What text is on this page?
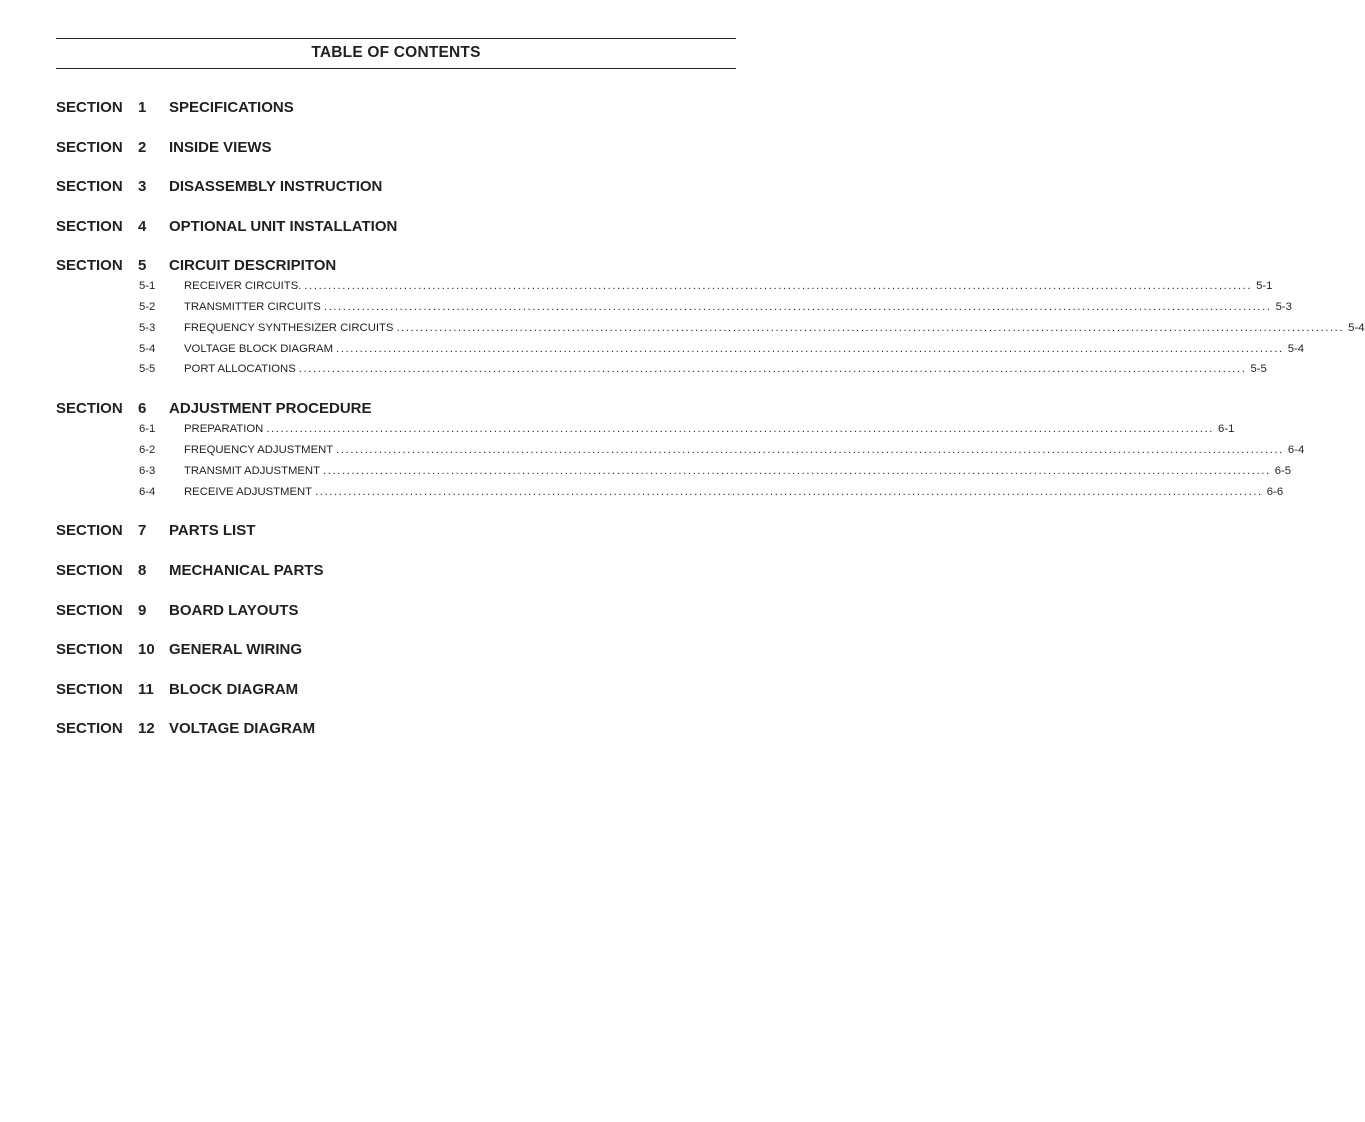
TABLE OF CONTENTS
SECTION 1 SPECIFICATIONS
SECTION 2 INSIDE VIEWS
SECTION 3 DISASSEMBLY INSTRUCTION
SECTION 4 OPTIONAL UNIT INSTALLATION
SECTION 5 CIRCUIT DESCRIPITON
5-1	RECEIVER CIRCUITS. ........................................................................................................................................................................................................ 5-1
5-2	TRANSMITTER CIRCUITS ........................................................................................................................................................................................................ 5-3
5-3	FREQUENCY SYNTHESIZER CIRCUITS ........................................................................................................................................................................................................ 5-4
5-4	VOLTAGE BLOCK DIAGRAM ........................................................................................................................................................................................................ 5-4
5-5	PORT ALLOCATIONS ........................................................................................................................................................................................................ 5-5
SECTION 6 ADJUSTMENT PROCEDURE
6-1	PREPARATION ........................................................................................................................................................................................................ 6-1
6-2	FREQUENCY ADJUSTMENT ........................................................................................................................................................................................................ 6-4
6-3	TRANSMIT ADJUSTMENT ........................................................................................................................................................................................................ 6-5
6-4	RECEIVE ADJUSTMENT ........................................................................................................................................................................................................ 6-6
SECTION 7 PARTS LIST
SECTION 8 MECHANICAL PARTS
SECTION 9 BOARD LAYOUTS
SECTION 10 GENERAL WIRING
SECTION 11 BLOCK DIAGRAM
SECTION 12 VOLTAGE DIAGRAM
